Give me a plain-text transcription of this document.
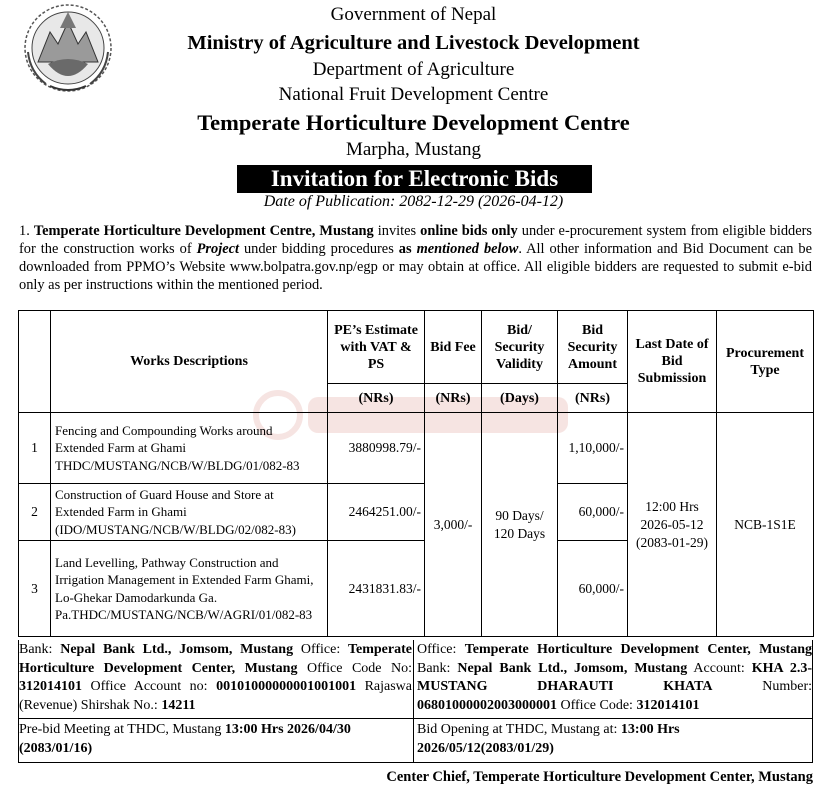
Government of Nepal
Ministry of Agriculture and Livestock Development
Department of Agriculture
National Fruit Development Centre
Temperate Horticulture Development Centre
Marpha, Mustang
Invitation for Electronic Bids
Date of Publication: 2082-12-29 (2026-04-12)
1. Temperate Horticulture Development Centre, Mustang invites online bids only under e-procurement system from eligible bidders for the construction works of Project under bidding procedures as mentioned below. All other information and Bid Document can be downloaded from PPMO’s Website www.bolpatra.gov.np/egp or may obtain at office. All eligible bidders are requested to submit e-bid only as per instructions within the mentioned period.
	Works Descriptions	PE’s Estimate with VAT & PS	Bid Fee	Bid/ Security Validity	Bid Security Amount	Last Date of Bid Submission	Procurement Type
		(NRs)	(NRs)	(Days)	(NRs)		
1	Fencing and Compounding Works around Extended Farm at Ghami THDC/MUSTANG/NCB/W/BLDG/01/082-83	3880998.79/-	3,000/-	90 Days/ 120 Days	1,10,000/-	12:00 Hrs 2026-05-12 (2083-01-29)	NCB-1S1E
2	Construction of Guard House and Store at Extended Farm in Ghami (IDO/MUSTANG/NCB/W/BLDG/02/082-83)	2464251.00/-			60,000/-		
3	Land Levelling, Pathway Construction and Irrigation Management in Extended Farm Ghami, Lo-Ghekar Damodarkunda Ga. Pa.THDC/MUSTANG/NCB/W/AGRI/01/082-83	2431831.83/-			60,000/-		
Bank: Nepal Bank Ltd., Jomsom, Mustang Office: Temperate Horticulture Development Center, Mustang Office Code No: 312014101 Office Account no: 00101000000001001001 Rajaswa (Revenue) Shirshak No.: 14211
Office: Temperate Horticulture Development Center, Mustang Bank: Nepal Bank Ltd., Jomsom, Mustang Account: KHA 2.3- MUSTANG DHARAUTI KHATA Number: 06801000002003000001 Office Code: 312014101
Pre-bid Meeting at THDC, Mustang 13:00 Hrs 2026/04/30 (2083/01/16)
Bid Opening at THDC, Mustang at: 13:00 Hrs 2026/05/12(2083/01/29)
Center Chief, Temperate Horticulture Development Center, Mustang
